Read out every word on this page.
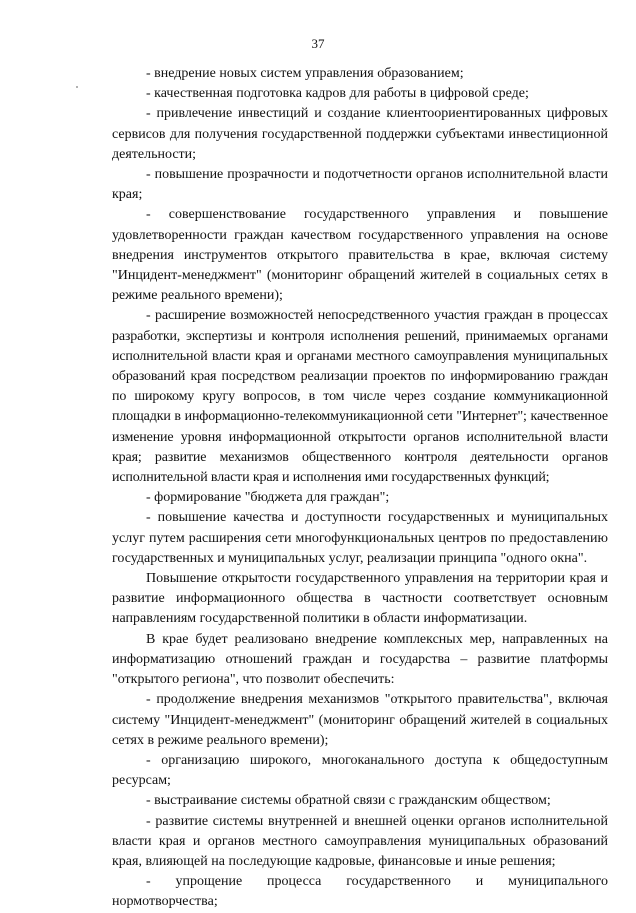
37

- внедрение новых систем управления образованием;

- качественная подготовка кадров для работы в цифровой среде;

- привлечение инвестиций и создание клиентоориентированных цифровых сервисов для получения государственной поддержки субъектами инвестиционной деятельности;

- повышение прозрачности и подотчетности органов исполнительной власти края;

- совершенствование государственного управления и повышение удовлетворенности граждан качеством государственного управления на основе внедрения инструментов открытого правительства в крае, включая систему "Инцидент-менеджмент" (мониторинг обращений жителей в социальных сетях в режиме реального времени);

- расширение возможностей непосредственного участия граждан в процессах разработки, экспертизы и контроля исполнения решений, принимаемых органами исполнительной власти края и органами местного самоуправления муниципальных образований края посредством реализации проектов по информированию граждан по широкому кругу вопросов, в том числе через создание коммуникационной площадки в информационно-телекоммуникационной сети "Интернет"; качественное изменение уровня информационной открытости органов исполнительной власти края; развитие механизмов общественного контроля деятельности органов исполнительной власти края и исполнения ими государственных функций;

- формирование "бюджета для граждан";

- повышение качества и доступности государственных и муниципальных услуг путем расширения сети многофункциональных центров по предоставлению государственных и муниципальных услуг, реализации принципа "одного окна".

Повышение открытости государственного управления на территории края и развитие информационного общества в частности соответствует основным направлениям государственной политики в области информатизации.

В крае будет реализовано внедрение комплексных мер, направленных на информатизацию отношений граждан и государства – развитие платформы "открытого региона", что позволит обеспечить:

- продолжение внедрения механизмов "открытого правительства", включая систему "Инцидент-менеджмент" (мониторинг обращений жителей в социальных сетях в режиме реального времени);

- организацию широкого, многоканального доступа к общедоступным ресурсам;

- выстраивание системы обратной связи с гражданским обществом;

- развитие системы внутренней и внешней оценки органов исполнительной власти края и органов местного самоуправления муниципальных образований края, влияющей на последующие кадровые, финансовые и иные решения;

- упрощение процесса государственного и муниципального нормотворчества;
